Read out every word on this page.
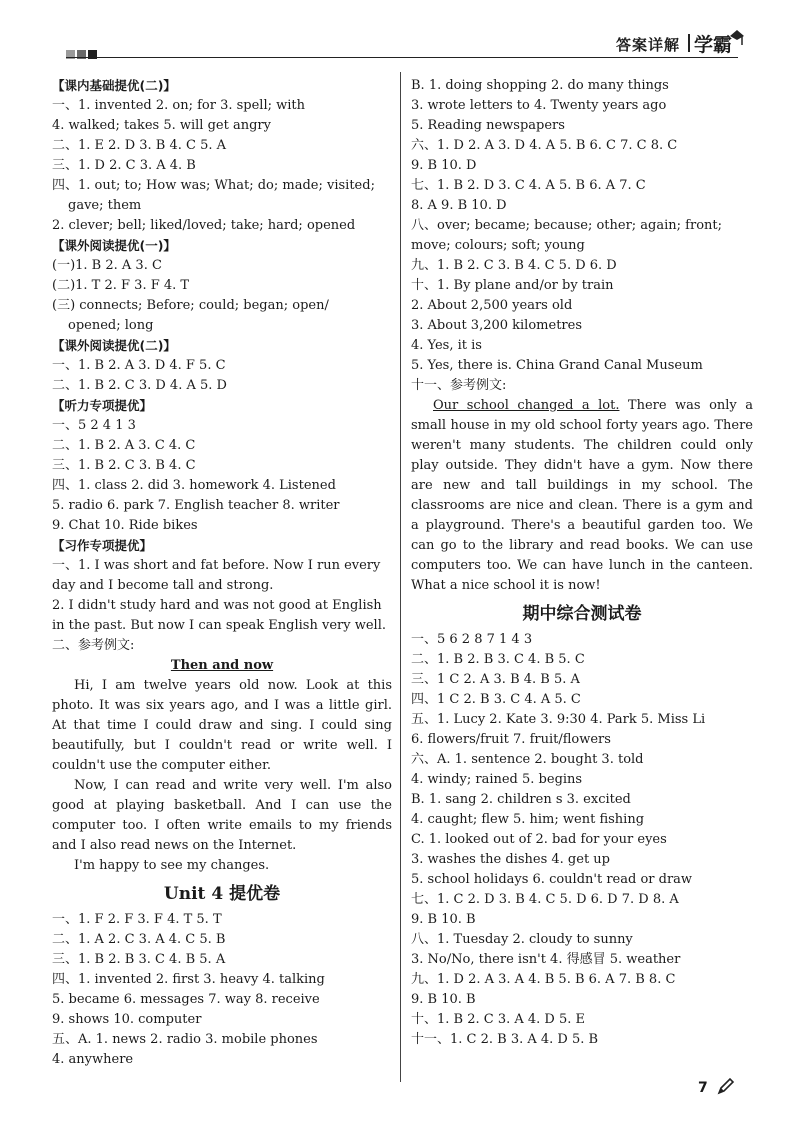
答案详解 学霸
【课内基础提优(二)】
一、1. invented 2. on; for 3. spell; with
4. walked; takes 5. will get angry
二、1. E 2. D 3. B 4. C 5. A
三、1. D 2. C 3. A 4. B
四、1. out; to; How was; What; do; made; visited;
gave; them
2. clever; bell; liked/loved; take; hard; opened
【课外阅读提优(一)】
(一)1. B 2. A 3. C
(二)1. T 2. F 3. F 4. T
(三) connects; Before; could; began; open/
opened; long
【课外阅读提优(二)】
一、1. B 2. A 3. D 4. F 5. C
二、1. B 2. C 3. D 4. A 5. D
【听力专项提优】
一、5 2 4 1 3
二、1. B 2. A 3. C 4. C
三、1. B 2. C 3. B 4. C
四、1. class 2. did 3. homework 4. Listened
5. radio 6. park 7. English teacher 8. writer
9. Chat 10. Ride bikes
【习作专项提优】
一、1. I was short and fat before. Now I run every day and I become tall and strong.
2. I didn't study hard and was not good at English in the past. But now I can speak English very well.
二、参考例文:
Then and now
Hi, I am twelve years old now. Look at this photo. It was six years ago, and I was a little girl. At that time I could draw and sing. I could sing beautifully, but I couldn't read or write well. I couldn't use the computer either.
Now, I can read and write very well. I'm also good at playing basketball. And I can use the computer too. I often write emails to my friends and I also read news on the Internet.
I'm happy to see my changes.
Unit 4 提优卷
一、1. F 2. F 3. F 4. T 5. T
二、1. A 2. C 3. A 4. C 5. B
三、1. B 2. B 3. C 4. B 5. A
四、1. invented 2. first 3. heavy 4. talking
5. became 6. messages 7. way 8. receive
9. shows 10. computer
五、A. 1. news 2. radio 3. mobile phones
4. anywhere
B. 1. doing shopping 2. do many things
3. wrote letters to 4. Twenty years ago
5. Reading newspapers
六、1. D 2. A 3. D 4. A 5. B 6. C 7. C 8. C
9. B 10. D
七、1. B 2. D 3. C 4. A 5. B 6. A 7. C
8. A 9. B 10. D
八、over; became; because; other; again; front;
move; colours; soft; young
九、1. B 2. C 3. B 4. C 5. D 6. D
十、1. By plane and/or by train
2. About 2,500 years old
3. About 3,200 kilometres
4. Yes, it is
5. Yes, there is. China Grand Canal Museum
十一、参考例文:
Our school changed a lot. There was only a small house in my old school forty years ago. There weren't many students. The children could only play outside. They didn't have a gym. Now there are new and tall buildings in my school. The classrooms are nice and clean. There is a gym and a playground. There's a beautiful garden too. We can go to the library and read books. We can use computers too. We can have lunch in the canteen. What a nice school it is now!
期中综合测试卷
一、5 6 2 8 7 1 4 3
二、1. B 2. B 3. C 4. B 5. C
三、1 C 2. A 3. B 4. B 5. A
四、1 C 2. B 3. C 4. A 5. C
五、1. Lucy 2. Kate 3. 9:30 4. Park 5. Miss Li
6. flowers/fruit 7. fruit/flowers
六、A. 1. sentence 2. bought 3. told
4. windy; rained 5. begins
B. 1. sang 2. children s 3. excited
4. caught; flew 5. him; went fishing
C. 1. looked out of 2. bad for your eyes
3. washes the dishes 4. get up
5. school holidays 6. couldn't read or draw
七、1. C 2. D 3. B 4. C 5. D 6. D 7. D 8. A
9. B 10. B
八、1. Tuesday 2. cloudy to sunny
3. No/No, there isn't 4. 得感冒 5. weather
九、1. D 2. A 3. A 4. B 5. B 6. A 7. B 8. C
9. B 10. B
十、1. B 2. C 3. A 4. D 5. E
十一、1. C 2. B 3. A 4. D 5. B
7
